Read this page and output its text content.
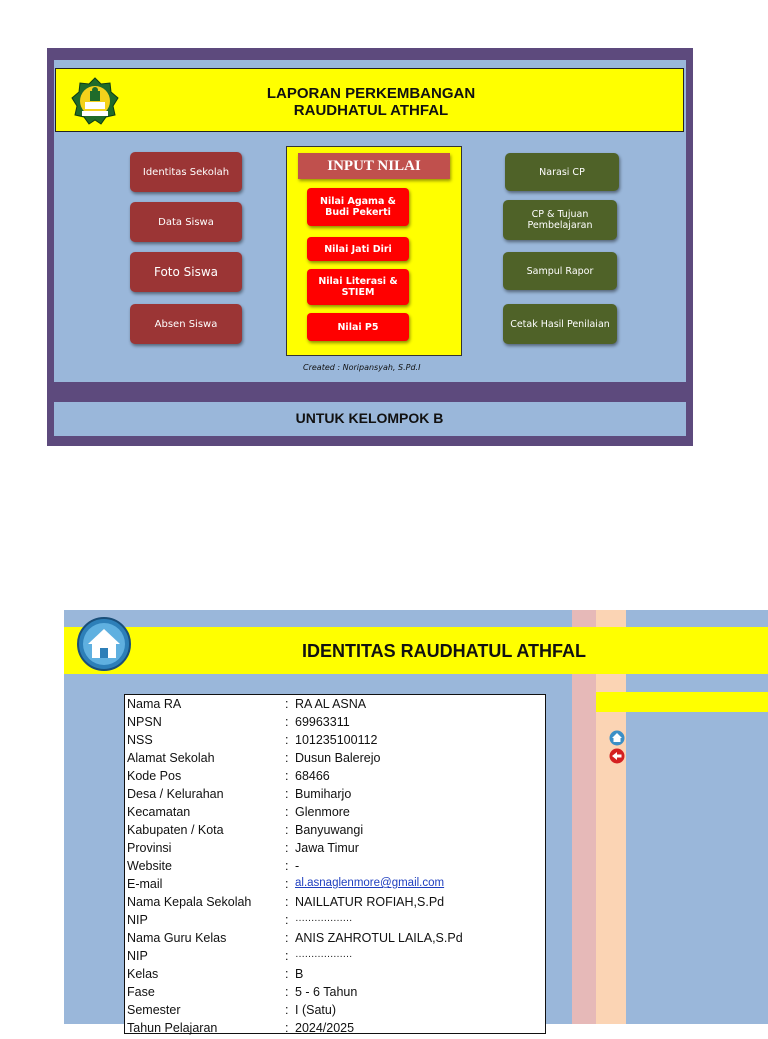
LAPORAN PERKEMBANGAN
RAUDHATUL ATHFAL
Identitas Sekolah
Data Siswa
Foto Siswa
Absen Siswa
INPUT NILAI
Nilai Agama & Budi Pekerti
Nilai Jati Diri
Nilai Literasi & STIEM
Nilai P5
Narasi CP
CP & Tujuan Pembelajaran
Sampul Rapor
Cetak Hasil Penilaian
Created : Noripansyah, S.Pd.I
UNTUK KELOMPOK B
IDENTITAS RAUDHATUL ATHFAL
Nama RA	: RA AL ASNA
NPSN	: 69963311
NSS	: 101235100112
Alamat Sekolah	: Dusun Balerejo
Kode Pos	: 68466
Desa / Kelurahan	: Bumiharjo
Kecamatan	: Glenmore
Kabupaten / Kota	: Banyuwangi
Provinsi	: Jawa Timur
Website	: -
E-mail	: al.asnaglenmore@gmail.com
Nama Kepala Sekolah	: NAILLATUR ROFIAH,S.Pd
NIP	: ………………
Nama Guru Kelas	: ANIS ZAHROTUL LAILA,S.Pd
NIP	: ………………
Kelas	: B
Fase	: 5 - 6 Tahun
Semester	: I (Satu)
Tahun Pelajaran	: 2024/2025
